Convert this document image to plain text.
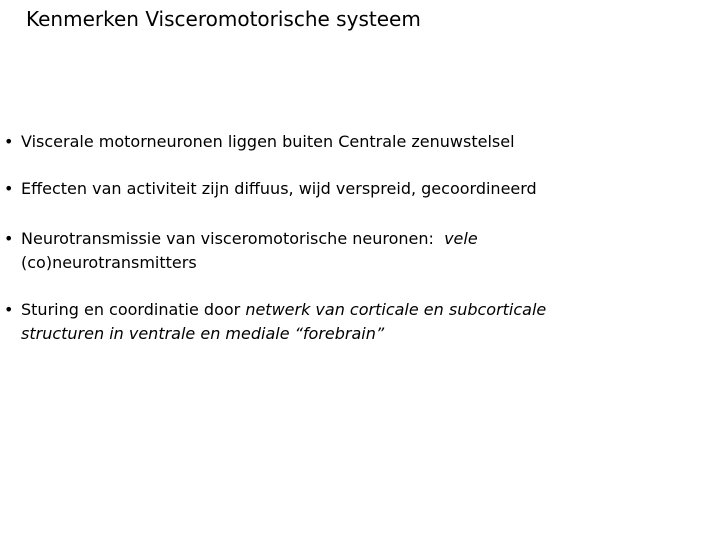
Kenmerken Visceromotorische systeem
• Viscerale motorneuronen liggen buiten Centrale zenuwstelsel
• Effecten van activiteit zijn diffuus, wijd verspreid, gecoordineerd
• Neurotransmissie van visceromotorische neuronen:  vele
(co)neurotransmitters
• Sturing en coordinatie door netwerk van corticale en subcorticale
structuren in ventrale en mediale “forebrain”
